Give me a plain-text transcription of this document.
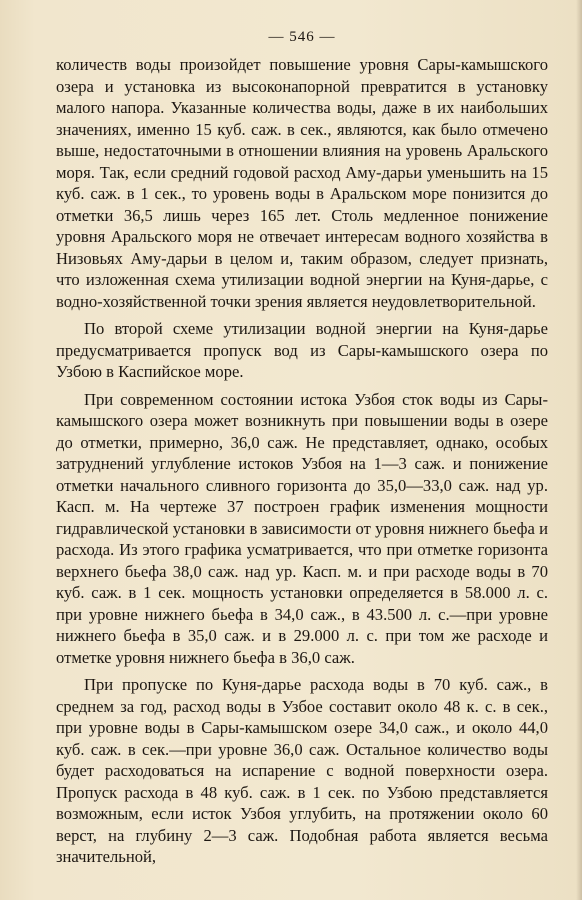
— 546 —

количеств воды произойдет повышение уровня Сары-камышского озера и установка из высоконапорной превратится в установку малого напора. Указанные количества воды, даже в их наибольших значениях, именно 15 куб. саж. в сек., являются, как было отмечено выше, недостаточными в отношении влияния на уровень Аральского моря. Так, если средний годовой расход Аму-дарьи уменьшить на 15 куб. саж. в 1 сек., то уровень воды в Аральском море понизится до отметки 36,5 лишь через 165 лет. Столь медленное понижение уровня Аральского моря не отвечает интересам водного хозяйства в Низовьях Аму-дарьи в целом и, таким образом, следует признать, что изложенная схема утилизации водной энергии на Куня-дарье, с водно-хозяйственной точки зрения является неудовлетворительной.

По второй схеме утилизации водной энергии на Куня-дарье предусматривается пропуск вод из Сары-камышского озера по Узбою в Каспийское море.

При современном состоянии истока Узбоя сток воды из Сары-камышского озера может возникнуть при повышении воды в озере до отметки, примерно, 36,0 саж. Не представляет, однако, особых затруднений углубление истоков Узбоя на 1—3 саж. и понижение отметки начального сливного горизонта до 35,0—33,0 саж. над ур. Касп. м. На чертеже 37 построен график изменения мощности гидравлической установки в зависимости от уровня нижнего бьефа и расхода. Из этого графика усматривается, что при отметке горизонта верхнего бьефа 38,0 саж. над ур. Касп. м. и при расходе воды в 70 куб. саж. в 1 сек. мощность установки определяется в 58.000 л. с. при уровне нижнего бьефа в 34,0 саж., в 43.500 л. с.—при уровне нижнего бьефа в 35,0 саж. и в 29.000 л. с. при том же расходе и отметке уровня нижнего бьефа в 36,0 саж.

При пропуске по Куня-дарье расхода воды в 70 куб. саж., в среднем за год, расход воды в Узбое составит около 48 к. с. в сек., при уровне воды в Сары-камышском озере 34,0 саж., и около 44,0 куб. саж. в сек.—при уровне 36,0 саж. Остальное количество воды будет расходоваться на испарение с водной поверхности озера. Пропуск расхода в 48 куб. саж. в 1 сек. по Узбою представляется возможным, если исток Узбоя углубить, на протяжении около 60 верст, на глубину 2—3 саж. Подобная работа является весьма значительной,
